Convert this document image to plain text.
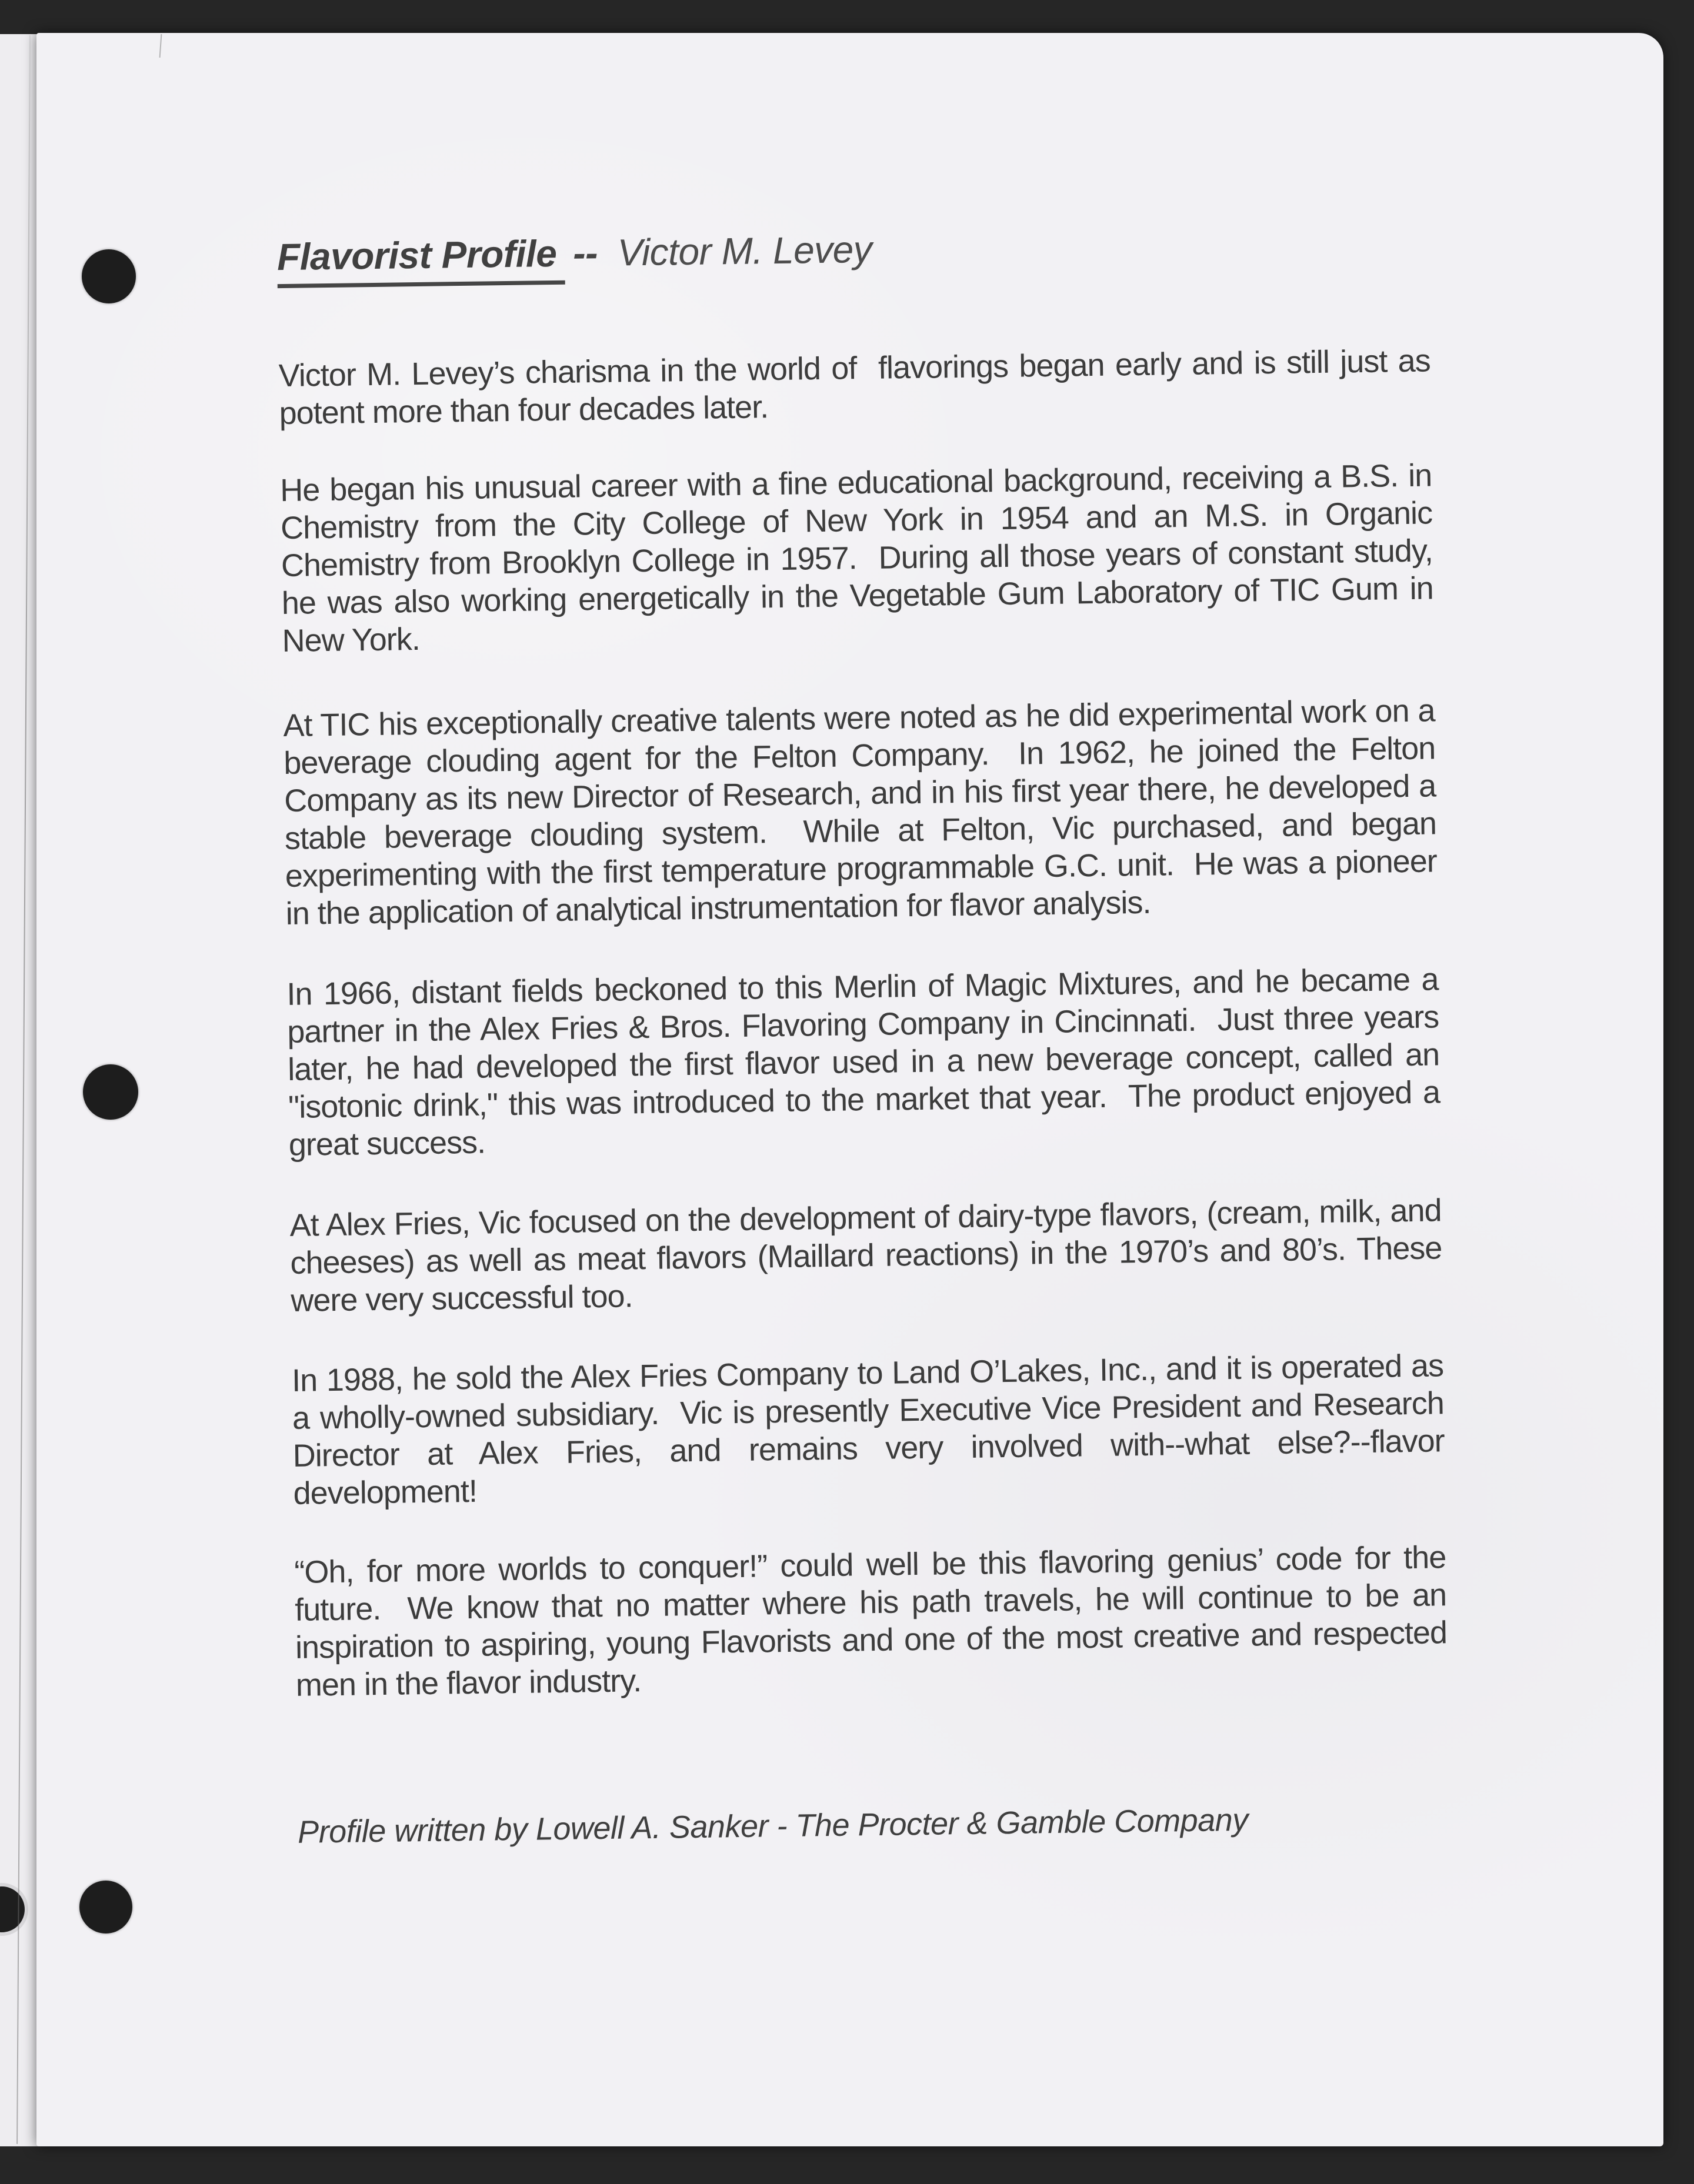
Flavorist Profile -- Victor M. Levey

Victor M. Levey’s charisma in the world of  flavorings began early and is still just as potent more than four decades later.

He began his unusual career with a fine educational background, receiving a B.S. in Chemistry from the City College of New York in 1954 and an M.S. in Organic Chemistry from Brooklyn College in 1957.  During all those years of constant study, he was also working energetically in the Vegetable Gum Laboratory of TIC Gum in New York.

At TIC his exceptionally creative talents were noted as he did experimental work on a beverage clouding agent for the Felton Company.  In 1962, he joined the Felton Company as its new Director of Research, and in his first year there, he developed a stable beverage clouding system.  While at Felton, Vic purchased, and began experimenting with the first temperature programmable G.C. unit.  He was a pioneer in the application of analytical instrumentation for flavor analysis.

In 1966, distant fields beckoned to this Merlin of Magic Mixtures, and he became a partner in the Alex Fries & Bros. Flavoring Company in Cincinnati.  Just three years later, he had developed the first flavor used in a new beverage concept, called an "isotonic drink," this was introduced to the market that year.  The product enjoyed a great success.

At Alex Fries, Vic focused on the development of dairy-type flavors, (cream, milk, and cheeses) as well as meat flavors (Maillard reactions) in the 1970’s and 80’s. These were very successful too.

In 1988, he sold the Alex Fries Company to Land O’Lakes, Inc., and it is operated as a wholly-owned subsidiary.  Vic is presently Executive Vice President and Research Director at Alex Fries, and remains very involved with--what else?--flavor development!

“Oh, for more worlds to conquer!” could well be this flavoring genius’ code for the future.  We know that no matter where his path travels, he will continue to be an inspiration to aspiring, young Flavorists and one of the most creative and respected men in the flavor industry.

Profile written by Lowell A. Sanker - The Procter & Gamble Company
